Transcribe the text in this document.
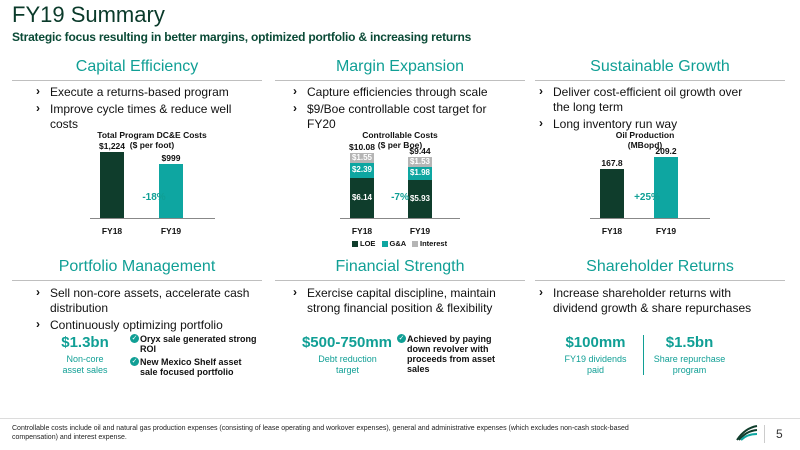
FY19 Summary
Strategic focus resulting in better margins, optimized portfolio & increasing returns
Capital Efficiency
› Execute a returns-based program
› Improve cycle times & reduce well costs
Total Program DC&E Costs
($ per foot)
$1,224
FY18
$999
FY19
-18%
Margin Expansion
› Capture efficiencies through scale
› $9/Boe controllable cost target for FY20
Controllable Costs
($ per Boe)
$6.14
$2.39
$1.55
$10.08
FY18
$5.93
$1.98
$1.53
$9.44
FY19
-7%
LOE G&A Interest
Sustainable Growth
› Deliver cost-efficient oil growth over the long term
› Long inventory run way
Oil Production
(MBopd)
167.8
FY18
209.2
FY19
+25%
Portfolio Management
› Sell non-core assets, accelerate cash distribution
› Continuously optimizing portfolio
$1.3bn
Non-core asset sales
✓ Oryx sale generated strong ROI
✓ New Mexico Shelf asset sale focused portfolio
Financial Strength
› Exercise capital discipline, maintain strong financial position & flexibility
$500-750mm
Debt reduction target
✓ Achieved by paying down revolver with proceeds from asset sales
Shareholder Returns
› Increase shareholder returns with dividend growth & share repurchases
$100mm
FY19 dividends paid
$1.5bn
Share repurchase program
Controllable costs include oil and natural gas production expenses (consisting of lease operating and workover expenses), general and administrative expenses (which excludes non-cash stock-based compensation) and interest expense.	5
